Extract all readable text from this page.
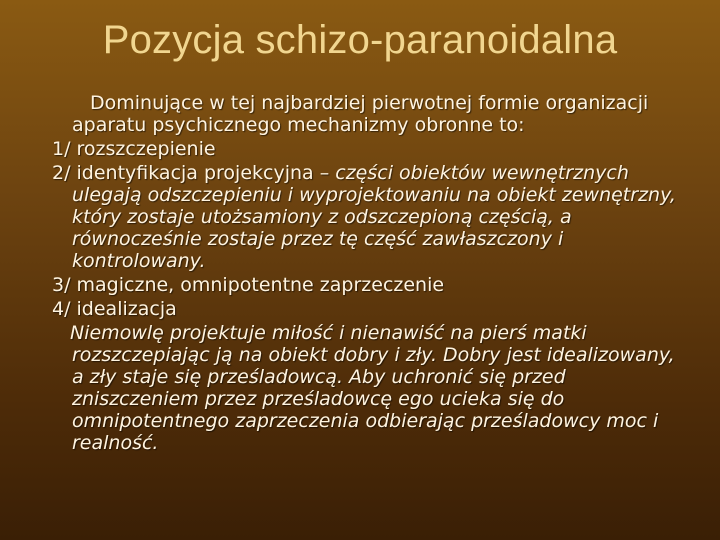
Pozycja schizo-paranoidalna

Dominujące w tej najbardziej pierwotnej formie organizacji aparatu psychicznego mechanizmy obronne to:

1/ rozszczepienie

2/ identyfikacja projekcyjna – części obiektów wewnętrznych ulegają odszczepieniu i wyprojektowaniu na obiekt zewnętrzny, który zostaje utożsamiony z odszczepioną częścią, a równocześnie zostaje przez tę część zawłaszczony i kontrolowany.

3/ magiczne, omnipotentne zaprzeczenie

4/ idealizacja

Niemowlę projektuje miłość i nienawiść na pierś matki rozszczepiając ją na obiekt dobry i zły. Dobry jest idealizowany, a zły staje się prześladowcą. Aby uchronić się przed zniszczeniem przez prześladowcę ego ucieka się do omnipotentnego zaprzeczenia odbierając prześladowcy moc i realność.
